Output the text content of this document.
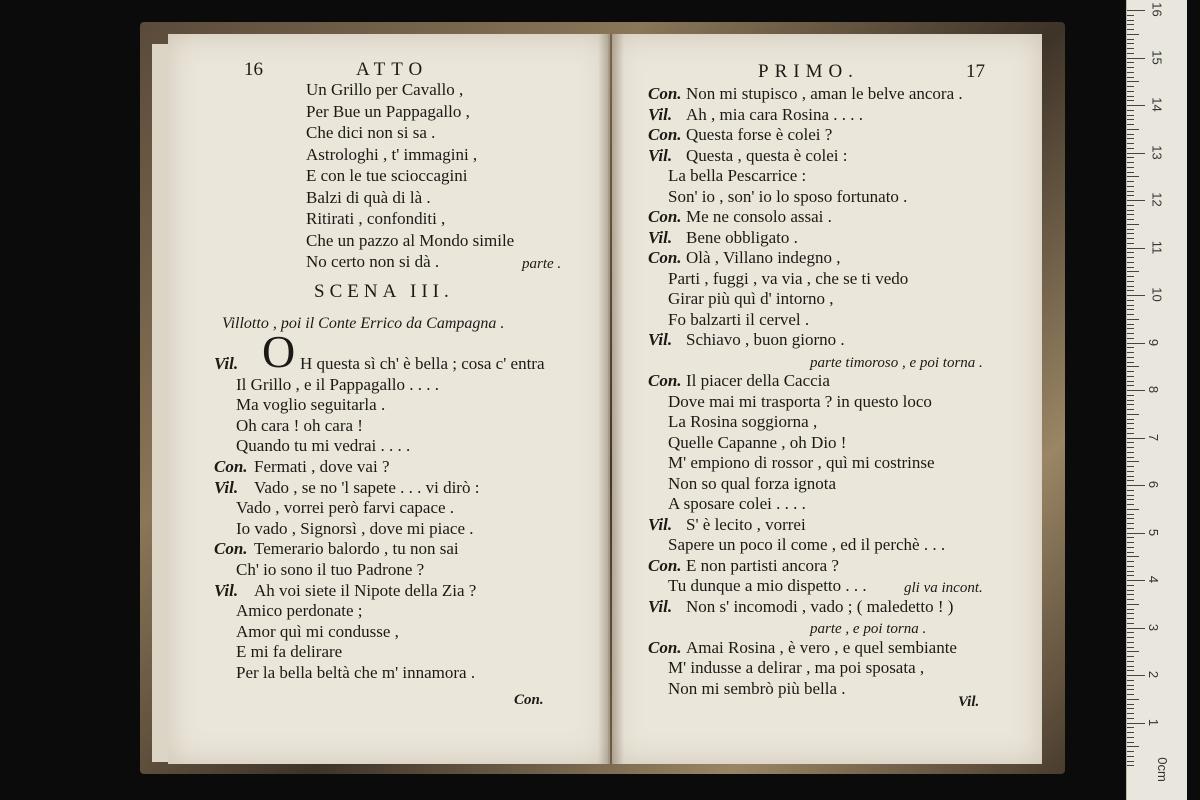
16	ATTO
Un Grillo per Cavallo ,
Per Bue un Pappagallo ,
Che dici non si sa .
Astrologhi , t' immagini ,
E con le tue scioccagini
Balzi di quà di là .
Ritirati , confonditi ,
Che un pazzo al Mondo simile
No certo non si dà .	parte .
SCENA III.
Villotto , poi il Conte Errico da Campagna .
O
Vil.	H questa sì ch' è bella ; cosa c' entra
Il Grillo , e il Pappagallo . . . .
Ma voglio seguitarla .
Oh cara ! oh cara !
Quando tu mi vedrai . . . .
Con. Fermati , dove vai ?
Vil. Vado , se no 'l sapete . . . vi dirò :
Vado , vorrei però farvi capace .
Io vado , Signorsì , dove mi piace .
Con. Temerario balordo , tu non sai
Ch' io sono il tuo Padrone ?
Vil. Ah voi siete il Nipote della Zia ?
Amico perdonate ;
Amor quì mi condusse ,
E mi fa delirare
Per la bella beltà che m' innamora .
Con.
PRIMO.	17
Con. Non mi stupisco , aman le belve ancora .
Vil. Ah , mia cara Rosina . . . .
Con. Questa forse è colei ?
Vil. Questa , questa è colei :
La bella Pescarrice :
Son' io , son' io lo sposo fortunato .
Con. Me ne consolo assai .
Vil. Bene obbligato .
Con. Olà , Villano indegno ,
Parti , fuggi , va via , che se ti vedo
Girar più quì d' intorno ,
Fo balzarti il cervel .
Vil. Schiavo , buon giorno .
parte timoroso , e poi torna .
Con. Il piacer della Caccia
Dove mai mi trasporta ? in questo loco
La Rosina soggiorna ,
Quelle Capanne , oh Dio !
M' empiono di rossor , quì mi costrinse
Non so qual forza ignota
A sposare colei . . . .
Vil. S' è lecito , vorrei
Sapere un poco il come , ed il perchè . . .
Con. E non partisti ancora ?
Tu dunque a mio dispetto . . . gli va incont.
Vil. Non s' incomodi , vado ; ( maledetto ! )
parte , e poi torna .
Con. Amai Rosina , è vero , e quel sembiante
M' indusse a delirar , ma poi sposata ,
Non mi sembrò più bella .
Vil.
16
15
14
13
12
11
10
9
8
7
6
5
4
3
2
1
0cm
